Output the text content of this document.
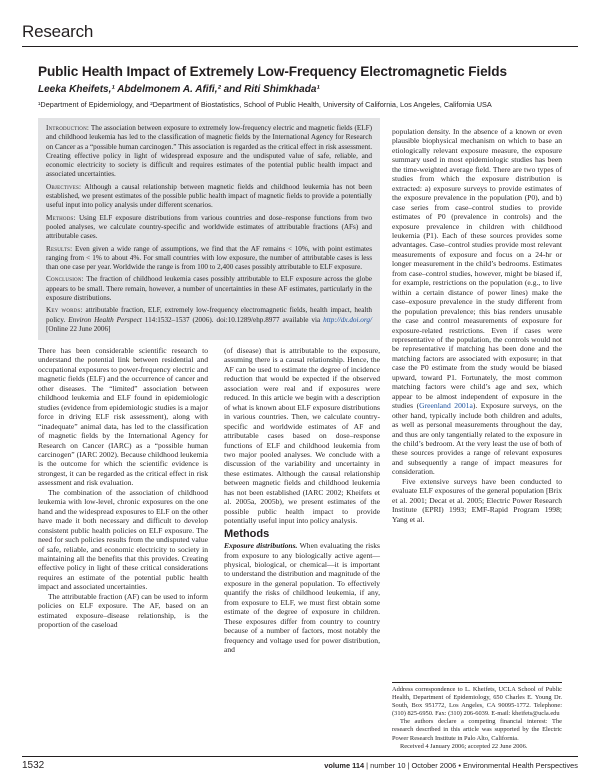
Research
Public Health Impact of Extremely Low-Frequency Electromagnetic Fields
Leeka Kheifets,¹ Abdelmonem A. Afifi,² and Riti Shimkhada¹
¹Department of Epidemiology, and ²Department of Biostatistics, School of Public Health, University of California, Los Angeles, California USA

Introduction: The association between exposure to extremely low-frequency electric and magnetic fields (ELF) and childhood leukemia has led to the classification of magnetic fields by the International Agency for Research on Cancer as a “possible human carcinogen.” This association is regarded as the critical effect in risk assessment. Creating effective policy in light of widespread exposure and the undisputed value of safe, reliable, and economic electricity to society is difficult and requires estimates of the potential public health impact and associated uncertainties.

Objectives: Although a causal relationship between magnetic fields and childhood leukemia has not been established, we present estimates of the possible public health impact of magnetic fields to provide a potentially useful input into policy analysis under different scenarios.

Methods: Using ELF exposure distributions from various countries and dose–response functions from two pooled analyses, we calculate country-specific and worldwide estimates of attributable fractions (AFs) and attributable cases.

Results: Even given a wide range of assumptions, we find that the AF remains < 10%, with point estimates ranging from < 1% to about 4%. For small countries with low exposure, the number of attributable cases is less than one case per year. Worldwide the range is from 100 to 2,400 cases possibly attributable to ELF exposure.

Conclusion: The fraction of childhood leukemia cases possibly attributable to ELF exposure across the globe appears to be small. There remain, however, a number of uncertainties in these AF estimates, particularly in the exposure distributions.

Key words: attributable fraction, ELF, extremely low-frequency electromagnetic fields, health impact, health policy. Environ Health Perspect 114:1532–1537 (2006). doi:10.1289/ehp.8977 available via http://dx.doi.org/ [Online 22 June 2006]

There has been considerable scientific research to understand the potential link between residential and occupational exposures to power-frequency electric and magnetic fields (ELF) and the occurrence of cancer and other diseases. The “limited” association between childhood leukemia and ELF found in epidemiologic studies (evidence from epidemiologic studies is a major force in driving ELF risk assessment), along with “inadequate” animal data, has led to the classification of magnetic fields by the International Agency for Research on Cancer (IARC) as a “possible human carcinogen” (IARC 2002). Because childhood leukemia is the outcome for which the scientific evidence is strongest, it can be regarded as the critical effect in risk assessment and risk evaluation.

The combination of the association of childhood leukemia with low-level, chronic exposures on the one hand and the widespread exposures to ELF on the other have made it both necessary and difficult to develop consistent public health policies on ELF exposure. The need for such policies results from the undisputed value of safe, reliable, and economic electricity to society in maintaining all the benefits that this provides. Creating effective policy in light of these critical considerations requires an estimate of the potential public health impact and associated uncertainties.

The attributable fraction (AF) can be used to inform policies on ELF exposure. The AF, based on an estimated exposure–disease relationship, is the proportion of the caseload

(of disease) that is attributable to the exposure, assuming there is a causal relationship. Hence, the AF can be used to estimate the degree of incidence reduction that would be expected if the observed association were real and if exposures were reduced. In this article we begin with a description of what is known about ELF exposure distributions in various countries. Then, we calculate country-specific and worldwide estimates of AF and attributable cases based on dose–response functions of ELF and childhood leukemia from two major pooled analyses. We conclude with a discussion of the variability and uncertainty in these estimates. Although the causal relationship between magnetic fields and childhood leukemia has not been established (IARC 2002; Kheifets et al. 2005a, 2005b), we present estimates of the possible public health impact to provide potentially useful input into policy analysis.

Methods

Exposure distributions. When evaluating the risks from exposure to any biologically active agent—physical, biological, or chemical—it is important to understand the distribution and magnitude of the exposure in the general population. To effectively quantify the risks of childhood leukemia, if any, from exposure to ELF, we must first obtain some estimate of the degree of exposure in children. These exposures differ from country to country because of a number of factors, most notably the frequency and voltage used for power distribution, and

population density. In the absence of a known or even plausible biophysical mechanism on which to base an etiologically relevant exposure measure, the exposure summary used in most epidemiologic studies has been the time-weighted average field. There are two types of studies from which the exposure distribution is extracted: a) exposure surveys to provide estimates of the exposure prevalence in the population (P0), and b) case series from case–control studies to provide estimates of P0 (prevalence in controls) and the exposure prevalence in children with childhood leukemia (P1). Each of these sources provides some advantages. Case–control studies provide most relevant measurements of exposure and focus on a 24-hr or longer measurement in the child’s bedrooms. Estimates from case–control studies, however, might be biased if, for example, restrictions on the population (e.g., to live within a certain distance of power lines) make the case–exposure prevalence in the study different from the population prevalence; this bias renders unusable the case and control measurements of exposure for exposure-related restrictions. Even if cases were representative of the population, the controls would not be representative if matching has been done and the matching factors are associated with exposure; in that case the P0 estimate from the study would be biased upward, toward P1. Fortunately, the most common matching factors were child’s age and sex, which appear to be almost independent of exposure in the studies (Greenland 2001a). Exposure surveys, on the other hand, typically include both children and adults, as well as personal measurements throughout the day, and thus are only tangentially related to the exposure in the child’s bedroom. At the very least the use of both of these sources provides a range of relevant exposures and subsequently a range of impact measures for consideration.

Five extensive surveys have been conducted to evaluate ELF exposures of the general population [Brix et al. 2001; Decat et al. 2005; Electric Power Research Institute (EPRI) 1993; EMF-Rapid Program 1998; Yang et al.

Address correspondence to L. Kheifets, UCLA School of Public Health, Department of Epidemiology, 650 Charles E. Young Dr. South, Box 951772, Los Angeles, CA 90095-1772. Telephone: (310) 825-6950. Fax: (310) 206-6039. E-mail: kheifets@ucla.edu

The authors declare a competing financial interest: The research described in this article was supported by the Electric Power Research Institute in Palo Alto, California.

Received 4 January 2006; accepted 22 June 2006.

1532	volume 114 | number 10 | October 2006 • Environmental Health Perspectives
